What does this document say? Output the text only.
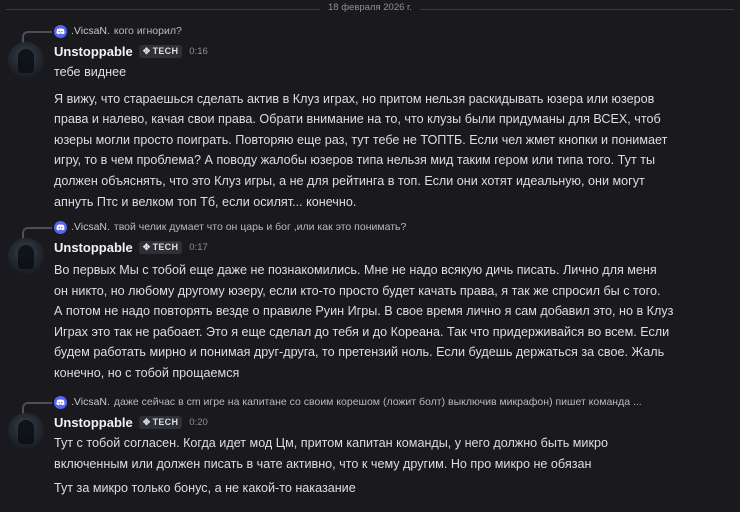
18 февраля 2026 г.
.VicsaN. кого игнорил?
Unstoppable ✥ TECH 0:16

тебе виднее

Я вижу, что стараешься сделать актив в Клуз играх, но притом нельзя раскидывать юзера или юзеров

права и налево, качая свои права. Обрати внимание на то, что клузы были придуманы для ВСЕХ, чтоб

юзеры могли просто поиграть. Повторяю еще раз, тут тебе не ТОПТБ. Если чел жмет кнопки и понимает

игру, то в чем проблема? А поводу жалобы юзеров типа нельзя мид таким гером или типа того. Тут ты

должен объяснять, что это Клуз игры, а не для рейтинга в топ. Если они хотят идеальную, они могут

апнуть Птс и велком топ Тб, если осилят... конечно.

.VicsaN. твой челик думает что он царь и бог ,или как это понимать?
Unstoppable ✥ TECH 0:17

Во первых Мы с тобой еще даже не познакомились. Мне не надо всякую дичь писать. Лично для меня

он никто, но любому другому юзеру, если кто-то просто будет качать права, я так же спросил бы с того.

А потом не надо повторять везде о правиле Руин Игры. В свое время лично я сам добавил это, но в Клуз

Играх это так не рабоает. Это я еще сделал до тебя и до Кореана. Так что придерживайся во всем. Если

будем работать мирно и понимая друг-друга, то претензий ноль. Если будешь держаться за свое. Жаль

конечно, но с тобой прощаемся

.VicsaN. даже сейчас в cm игре на капитане со своим корешом (ложит болт) выключив микрафон) пишет команда ...
Unstoppable ✥ TECH 0:20

Тут с тобой согласен. Когда идет мод Цм, притом капитан команды, у него должно быть микро

включенным или должен писать в чате активно, что к чему другим. Но про микро не обязан

Тут за микро только бонус, а не какой-то наказание
